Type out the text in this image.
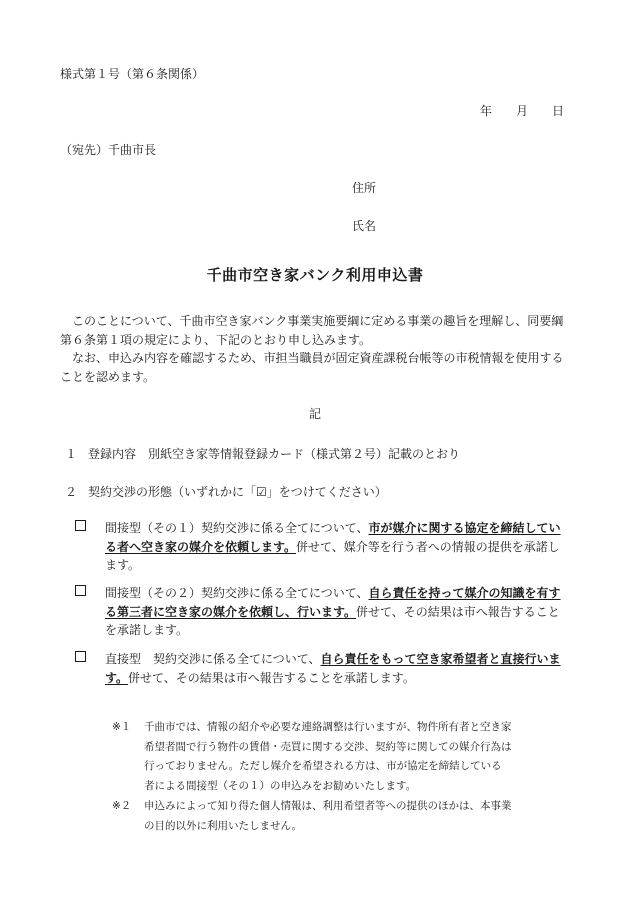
様式第１号（第６条関係）
年　　月　　日
（宛先）千曲市長
住所
氏名
千曲市空き家バンク利用申込書
このことについて、千曲市空き家バンク事業実施要綱に定める事業の趣旨を理解し、同要綱第６条第１項の規定により、下記のとおり申し込みます。
なお、申込み内容を確認するため、市担当職員が固定資産課税台帳等の市税情報を使用することを認めます。
記
１ 登録内容　別紙空き家等情報登録カード（様式第２号）記載のとおり
２ 契約交渉の形態（いずれかに「☑」をつけてください）
間接型（その１）契約交渉に係る全てについて、市が媒介に関する協定を締結している者へ空き家の媒介を依頼します。併せて、媒介等を行う者への情報の提供を承諾します。
間接型（その２）契約交渉に係る全てについて、自ら責任を持って媒介の知識を有する第三者に空き家の媒介を依頼し、行います。併せて、その結果は市へ報告することを承諾します。
直接型　契約交渉に係る全てについて、自ら責任をもって空き家希望者と直接行います。併せて、その結果は市へ報告することを承諾します。
※１	千曲市では、情報の紹介や必要な連絡調整は行いますが、物件所有者と空き家希望者間で行う物件の賃借・売買に関する交渉、契約等に関しての媒介行為は行っておりません。ただし媒介を希望される方は、市が協定を締結している者による間接型（その１）の申込みをお勧めいたします。
※２	申込みによって知り得た個人情報は、利用希望者等への提供のほかは、本事業の目的以外に利用いたしません。
